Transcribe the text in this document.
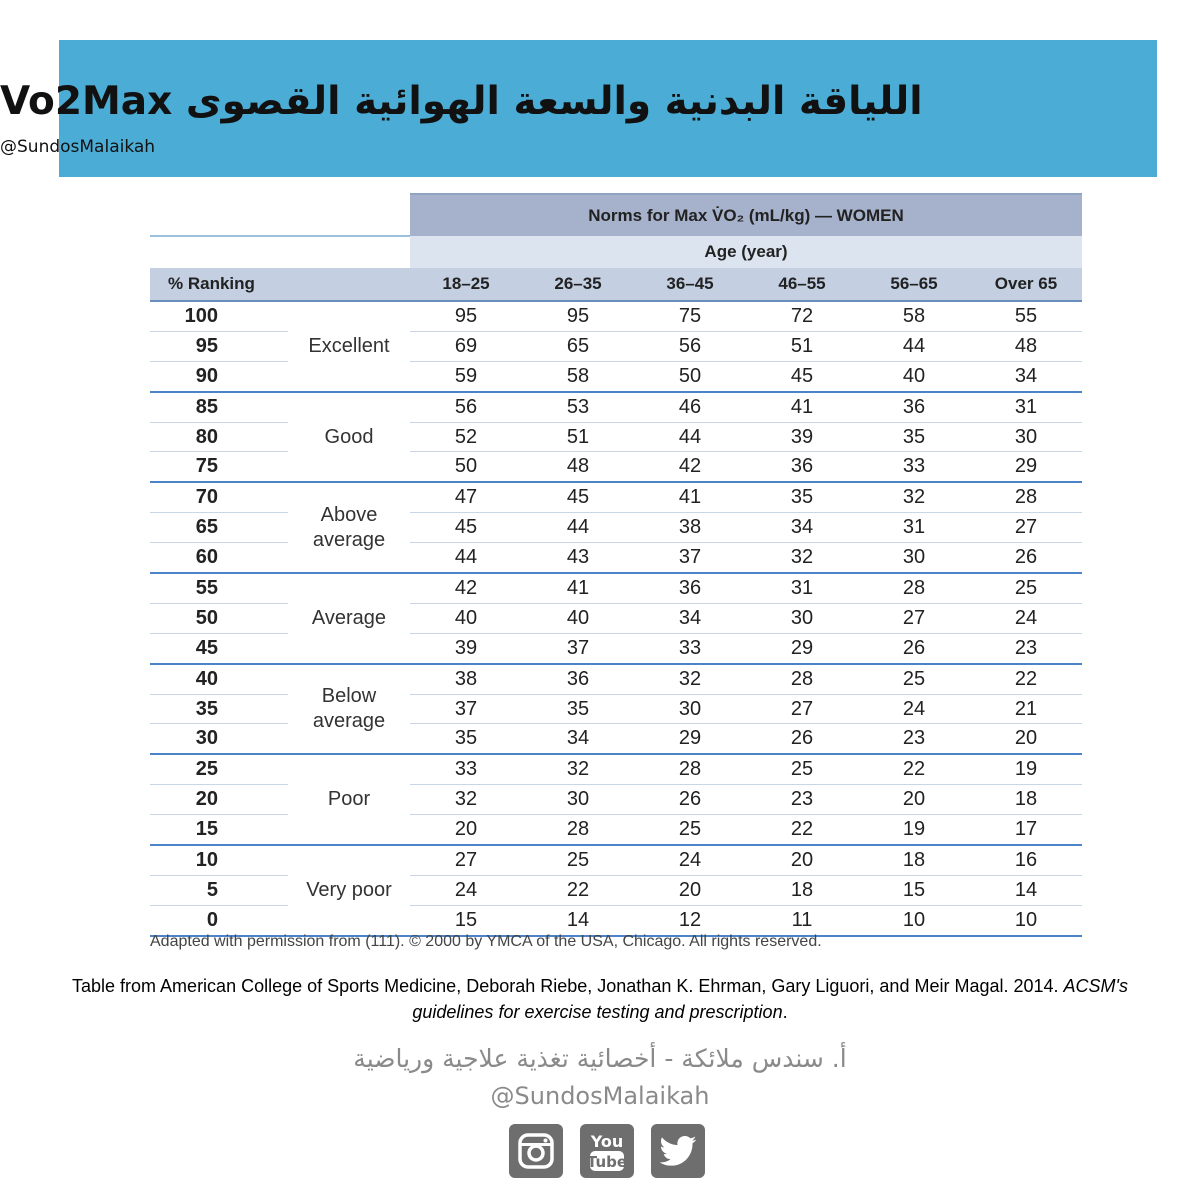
اللياقة البدنية والسعة الهوائية القصوى Vo2Max
@SundosMalaikah
		Norms for Max V̇O₂ (mL/kg) — WOMEN					
		Age (year)					
% Ranking		18–25	26–35	36–45	46–55	56–65	Over 65
100	Excellent	95	95	75	72	58	55
95		69	65	56	51	44	48
90		59	58	50	45	40	34
85	Good	56	53	46	41	36	31
80		52	51	44	39	35	30
75		50	48	42	36	33	29
70	Above average	47	45	41	35	32	28
65		45	44	38	34	31	27
60		44	43	37	32	30	26
55	Average	42	41	36	31	28	25
50		40	40	34	30	27	24
45		39	37	33	29	26	23
40	Below average	38	36	32	28	25	22
35		37	35	30	27	24	21
30		35	34	29	26	23	20
25	Poor	33	32	28	25	22	19
20		32	30	26	23	20	18
15		20	28	25	22	19	17
10	Very poor	27	25	24	20	18	16
5		24	22	20	18	15	14
0		15	14	12	11	10	10
Adapted with permission from (111). © 2000 by YMCA of the USA, Chicago. All rights reserved.
Table from American College of Sports Medicine, Deborah Riebe, Jonathan K. Ehrman, Gary Liguori, and Meir Magal. 2014. ACSM's guidelines for exercise testing and prescription.
أ. سندس ملائكة - أخصائية تغذية علاجية ورياضية
@SundosMalaikah
You
Tube
